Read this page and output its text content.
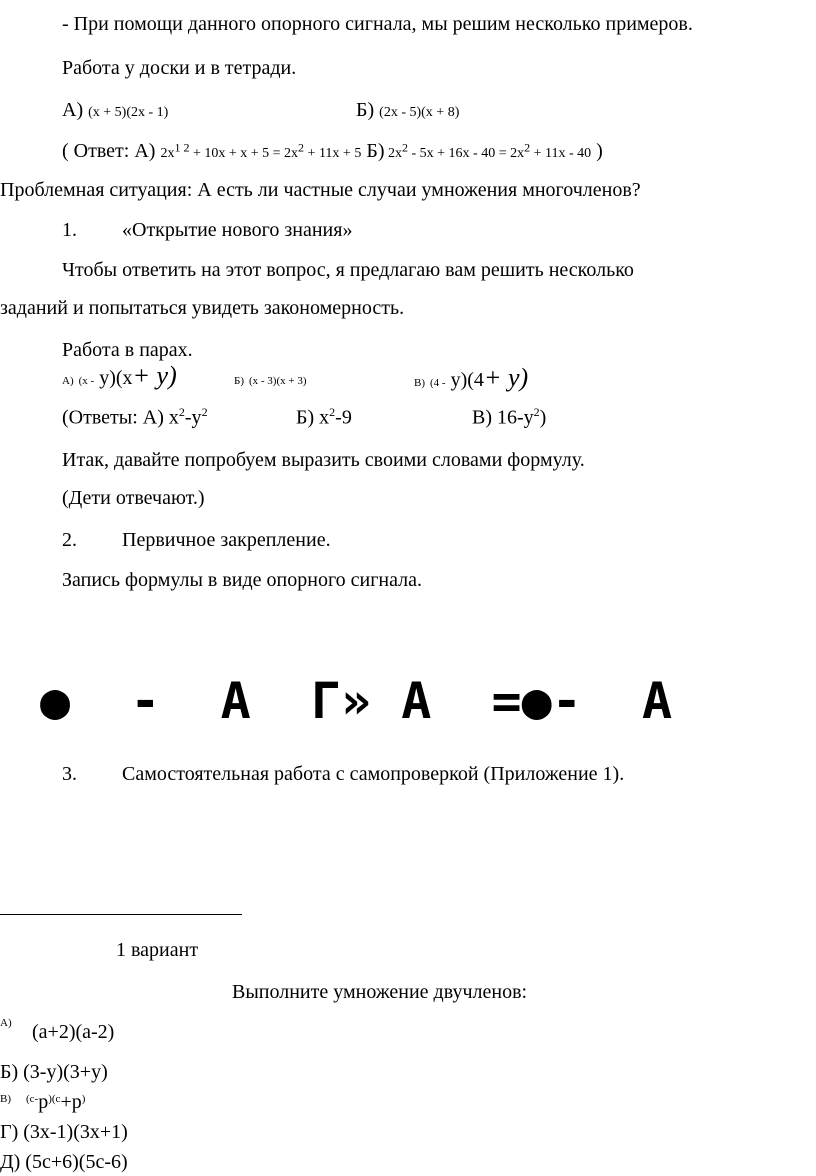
- При помощи данного опорного сигнала, мы решим несколько примеров.
Работа у доски и в тетради.
А) (x + 5)(2x - 1)	Б) (2x - 5)(x + 8)
( Ответ: А) $2x^{1 2} + 10x + x + 5 = 2x^2 + 11x + 5$ Б) $2x^2 - 5x + 16x - 40 = 2x^2 + 11x - 40$ )
Проблемная ситуация: А есть ли частные случаи умножения многочленов?
1. «Открытие нового знания»
Чтобы ответить на этот вопрос, я предлагаю вам решить несколько
заданий и попытаться увидеть закономерность.
Работа в парах.
А) (x - y)(x+ y)	Б) (x - 3)(x + 3)	В) (4 - y)(4+ y)
(Ответы: А) $x^2-y^2$	Б) $x^2-9$	В) $16-y^2$)
Итак, давайте попробуем выразить своими словами формулу.
(Дети отвечают.)
2. Первичное закрепление.
Запись формулы в виде опорного сигнала.
●  -  A  Г» A  =●-  A
3. Самостоятельная работа с самопроверкой (Приложение 1).
1 вариант
Выполните умножение двучленов:
А) (a+2)(a-2)
Б) (3-y)(3+y)
В) (c-p)(c+p)
Г) (3x-1)(3x+1)
Д) (5c+6)(5c-6)
